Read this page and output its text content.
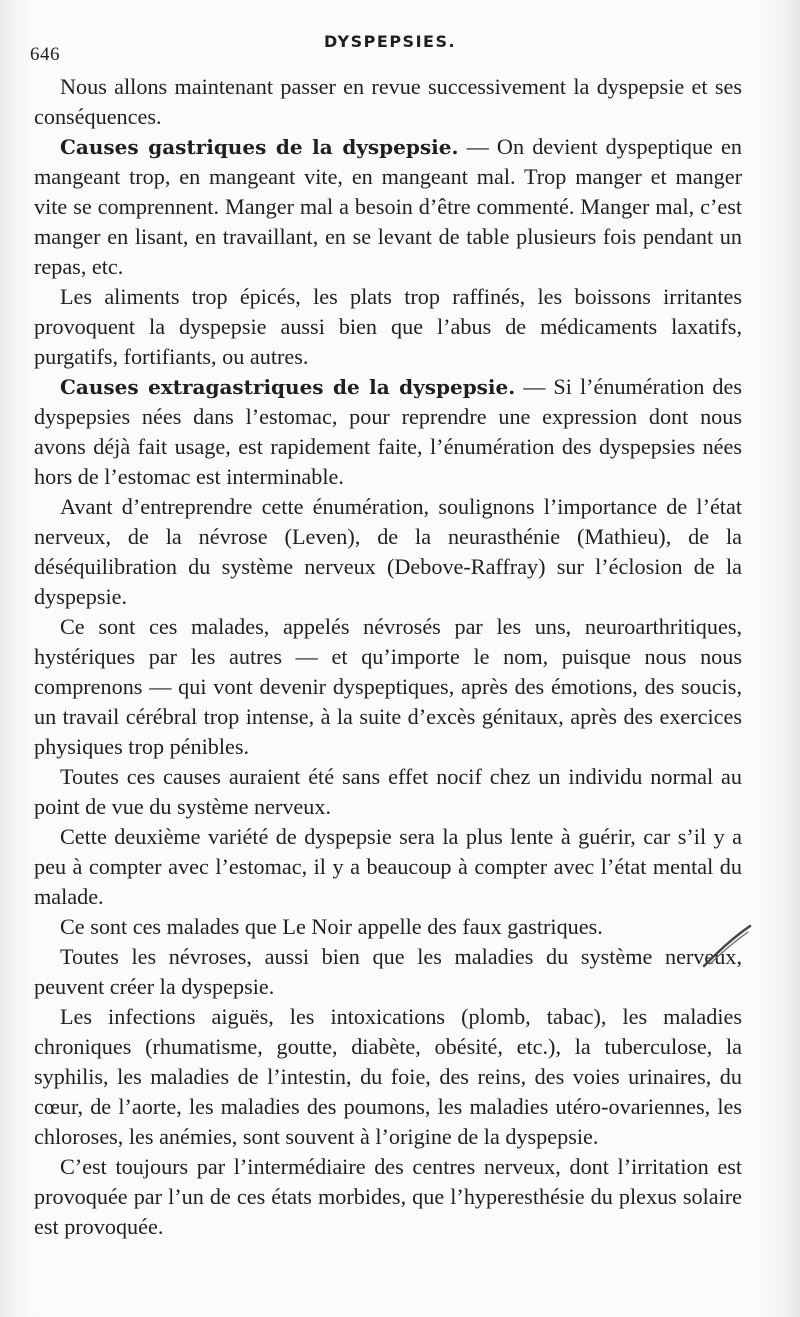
646
DYSPEPSIES.

Nous allons maintenant passer en revue successivement la dyspepsie et ses conséquences.

Causes gastriques de la dyspepsie. — On devient dyspeptique en mangeant trop, en mangeant vite, en mangeant mal. Trop manger et manger vite se comprennent. Manger mal a besoin d’être commenté. Manger mal, c’est manger en lisant, en travaillant, en se levant de table plusieurs fois pendant un repas, etc.

Les aliments trop épicés, les plats trop raffinés, les boissons irritantes provoquent la dyspepsie aussi bien que l’abus de médicaments laxatifs, purgatifs, fortifiants, ou autres.

Causes extragastriques de la dyspepsie. — Si l’énumération des dyspepsies nées dans l’estomac, pour reprendre une expression dont nous avons déjà fait usage, est rapidement faite, l’énumération des dyspepsies nées hors de l’estomac est interminable.

Avant d’entreprendre cette énumération, soulignons l’importance de l’état nerveux, de la névrose (Leven), de la neurasthénie (Mathieu), de la déséquilibration du système nerveux (Debove-Raffray) sur l’éclosion de la dyspepsie.

Ce sont ces malades, appelés névrosés par les uns, neuroarthritiques, hystériques par les autres — et qu’importe le nom, puisque nous nous comprenons — qui vont devenir dyspeptiques, après des émotions, des soucis, un travail cérébral trop intense, à la suite d’excès génitaux, après des exercices physiques trop pénibles.

Toutes ces causes auraient été sans effet nocif chez un individu normal au point de vue du système nerveux.

Cette deuxième variété de dyspepsie sera la plus lente à guérir, car s’il y a peu à compter avec l’estomac, il y a beaucoup à compter avec l’état mental du malade.

Ce sont ces malades que Le Noir appelle des faux gastriques.

Toutes les névroses, aussi bien que les maladies du système nerveux, peuvent créer la dyspepsie.

Les infections aiguës, les intoxications (plomb, tabac), les maladies chroniques (rhumatisme, goutte, diabète, obésité, etc.), la tuberculose, la syphilis, les maladies de l’intestin, du foie, des reins, des voies urinaires, du cœur, de l’aorte, les maladies des poumons, les maladies utéro-ovariennes, les chloroses, les anémies, sont souvent à l’origine de la dyspepsie.

C’est toujours par l’intermédiaire des centres nerveux, dont l’irritation est provoquée par l’un de ces états morbides, que l’hyperesthésie du plexus solaire est provoquée.
